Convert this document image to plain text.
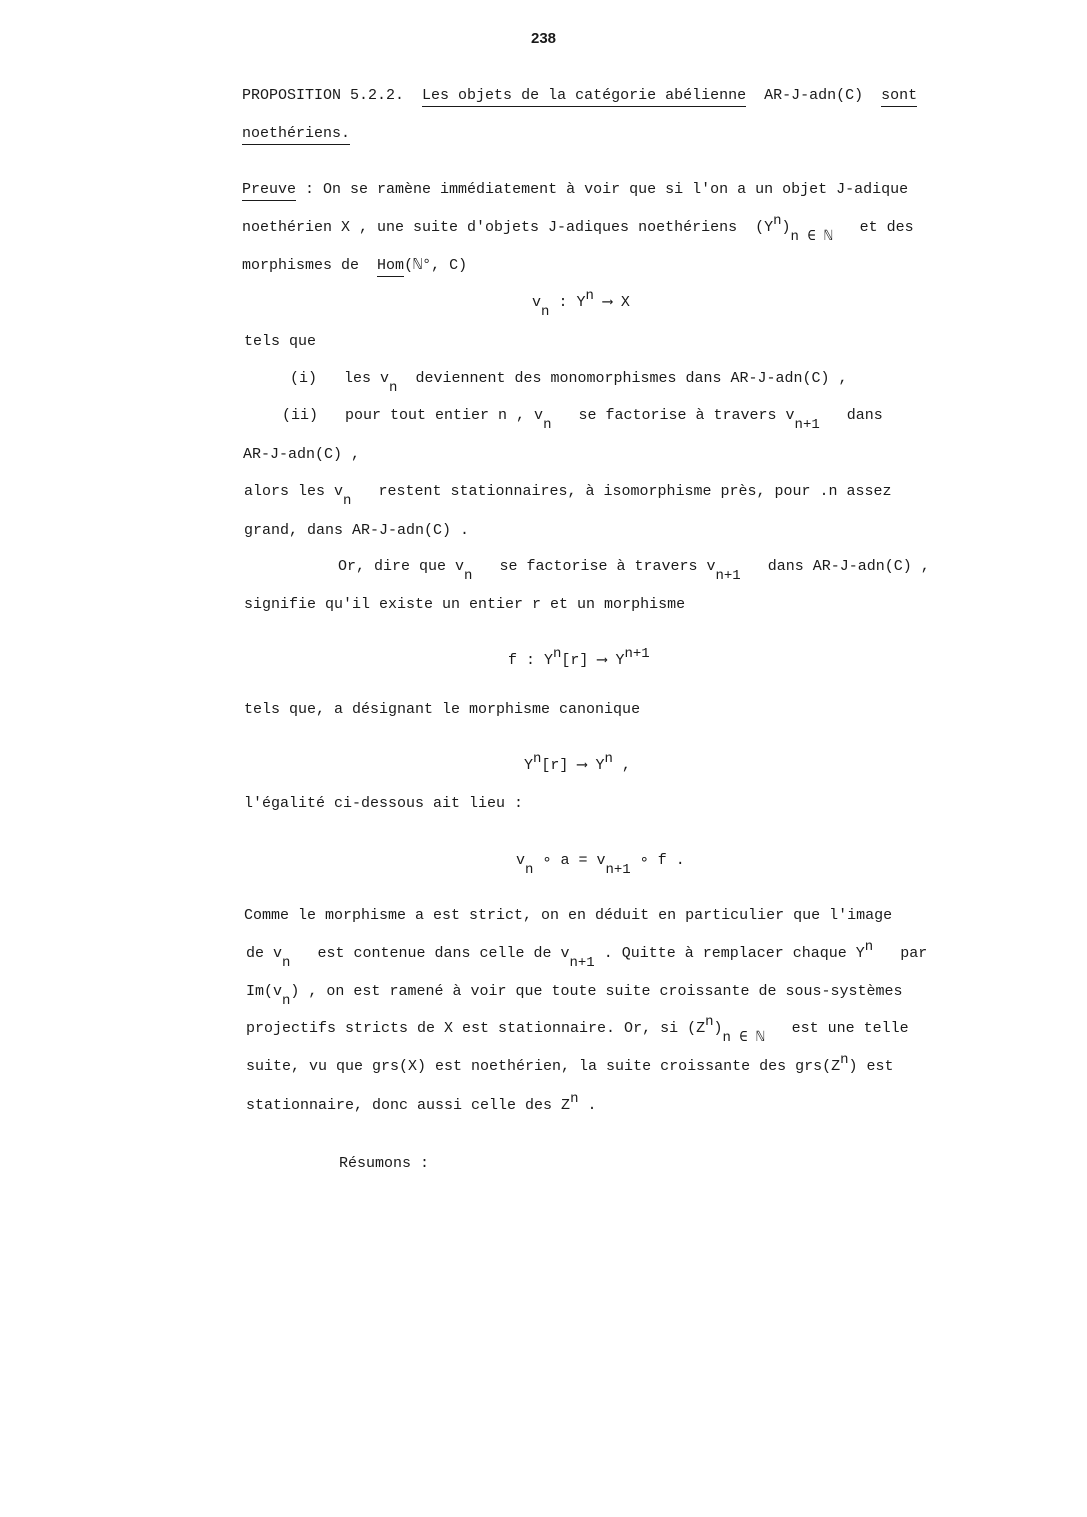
238
PROPOSITION 5.2.2. Les objets de la catégorie abélienne AR-J-adn(C) sont
noethériens.
Preuve : On se ramène immédiatement à voir que si l'on a un objet J-adique
noethérien X , une suite d'objets J-adiques noethériens (Yn)n ∈ ℕ   et des
morphismes de Hom(ℕ°, C)
vn : Yn ⟶ X
tels que
(i) les vn  deviennent des monomorphismes dans AR-J-adn(C) ,
(ii) pour tout entier n , vn   se factorise à travers vn+1   dans
AR-J-adn(C) ,
alors les vn   restent stationnaires, à isomorphisme près, pour .n assez
grand, dans AR-J-adn(C) .
Or, dire que vn   se factorise à travers vn+1   dans AR-J-adn(C) ,
signifie qu'il existe un entier r et un morphisme
f : Yn[r] ⟶ Yn+1
tels que, a désignant le morphisme canonique
Yn[r] ⟶ Yn ,
l'égalité ci-dessous ait lieu :
vn ∘ a = vn+1 ∘ f .
Comme le morphisme a est strict, on en déduit en particulier que l'image
de vn   est contenue dans celle de vn+1 . Quitte à remplacer chaque Yn par
Im(vn) , on est ramené à voir que toute suite croissante de sous-systèmes
projectifs stricts de X est stationnaire. Or, si (Zn)n ∈ ℕ   est une telle
suite, vu que grs(X) est noethérien, la suite croissante des grs(Zn) est
stationnaire, donc aussi celle des Zn .
Résumons :
